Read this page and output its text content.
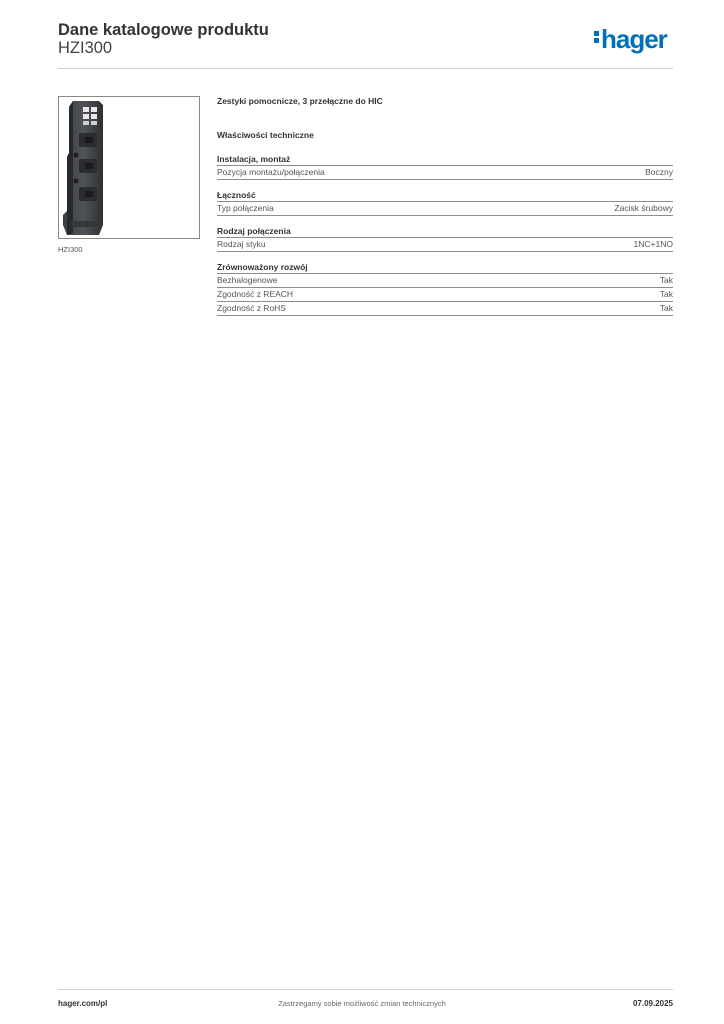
Dane katalogowe produktu
HZI300	hager
HZI300
Zestyki pomocnicze, 3 przełączne do HIC
Właściwości techniczne
Instalacja, montaż
Pozycja montażu/połączenia	Boczny
Łączność
Typ połączenia	Zacisk śrubowy
Rodzaj połączenia
Rodzaj styku	1NC+1NO
Zrównoważony rozwój
Bezhalogenowe	Tak
Zgodność z REACH	Tak
Zgodność z RoHS	Tak
hager.com/pl	Zastrzegamy sobie możliwość zmian technicznych	07.09.2025
